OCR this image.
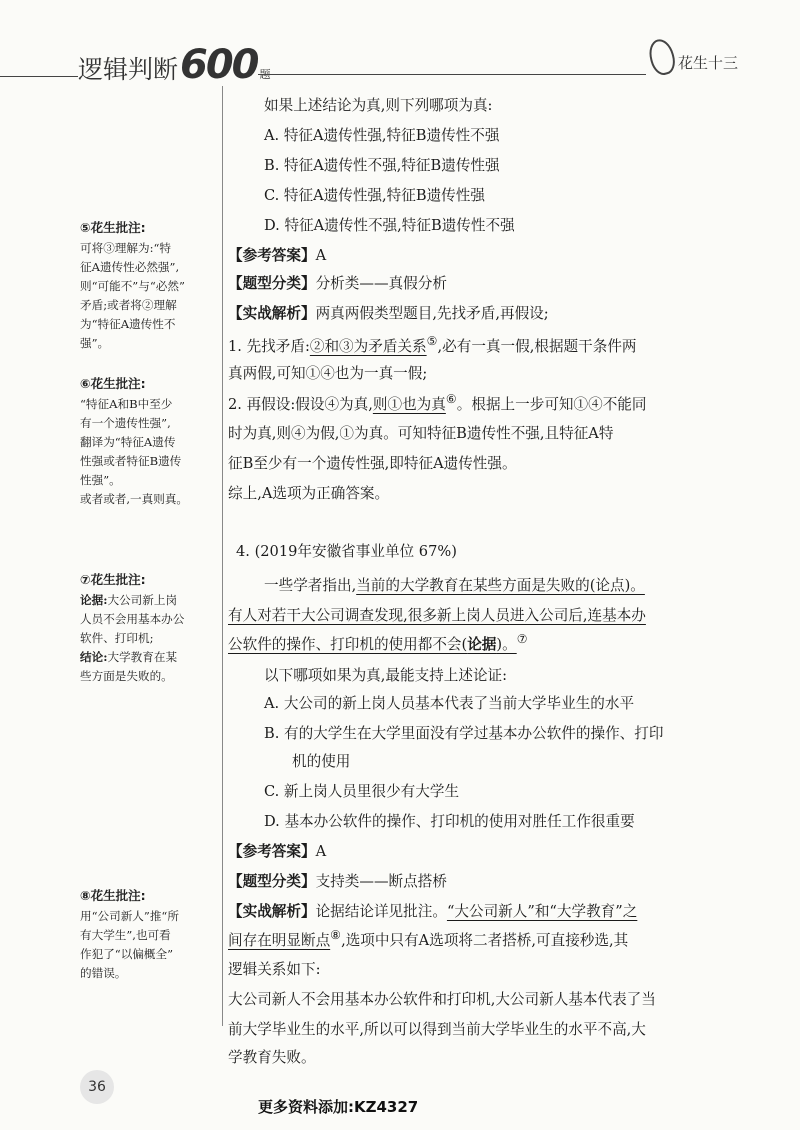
逻辑判断600 题
花生十三
⑤花生批注:

可将③理解为:“特

征A遗传性必然强”,

则“可能不”与“必然”

矛盾;或者将②理解

为“特征A遗传性不

强”。

⑥花生批注:

“特征A和B中至少

有一个遗传性强”,

翻译为“特征A遗传

性强或者特征B遗传

性强”。

或者或者,一真则真。

⑦花生批注:

论据:大公司新上岗

人员不会用基本办公

软件、打印机;

结论:大学教育在某

些方面是失败的。

⑧花生批注:

用“公司新人”推“所

有大学生”,也可看

作犯了“以偏概全”

的错误。

如果上述结论为真,则下列哪项为真:
A. 特征A遗传性强,特征B遗传性不强
B. 特征A遗传性不强,特征B遗传性强
C. 特征A遗传性强,特征B遗传性强
D. 特征A遗传性不强,特征B遗传性不强
【参考答案】A
【题型分类】分析类——真假分析
【实战解析】两真两假类型题目,先找矛盾,再假设;
1. 先找矛盾:②和③为矛盾关系⑤,必有一真一假,根据题干条件两
真两假,可知①④也为一真一假;
2. 再假设:假设④为真,则①也为真⑥。根据上一步可知①④不能同
时为真,则④为假,①为真。可知特征B遗传性不强,且特征A特
征B至少有一个遗传性强,即特征A遗传性强。
综上,A选项为正确答案。
4. (2019年安徽省事业单位 67%)
一些学者指出,当前的大学教育在某些方面是失败的(论点)。
有人对若干大公司调查发现,很多新上岗人员进入公司后,连基本办
公软件的操作、打印机的使用都不会(论据)。⑦
以下哪项如果为真,最能支持上述论证:
A. 大公司的新上岗人员基本代表了当前大学毕业生的水平
B. 有的大学生在大学里面没有学过基本办公软件的操作、打印
机的使用
C. 新上岗人员里很少有大学生
D. 基本办公软件的操作、打印机的使用对胜任工作很重要
【参考答案】A
【题型分类】支持类——断点搭桥
【实战解析】论据结论详见批注。“大公司新人”和“大学教育”之
间存在明显断点⑧,选项中只有A选项将二者搭桥,可直接秒选,其
逻辑关系如下:
大公司新人不会用基本办公软件和打印机,大公司新人基本代表了当
前大学毕业生的水平,所以可以得到当前大学毕业生的水平不高,大
学教育失败。
36
更多资料添加:KZ4327
